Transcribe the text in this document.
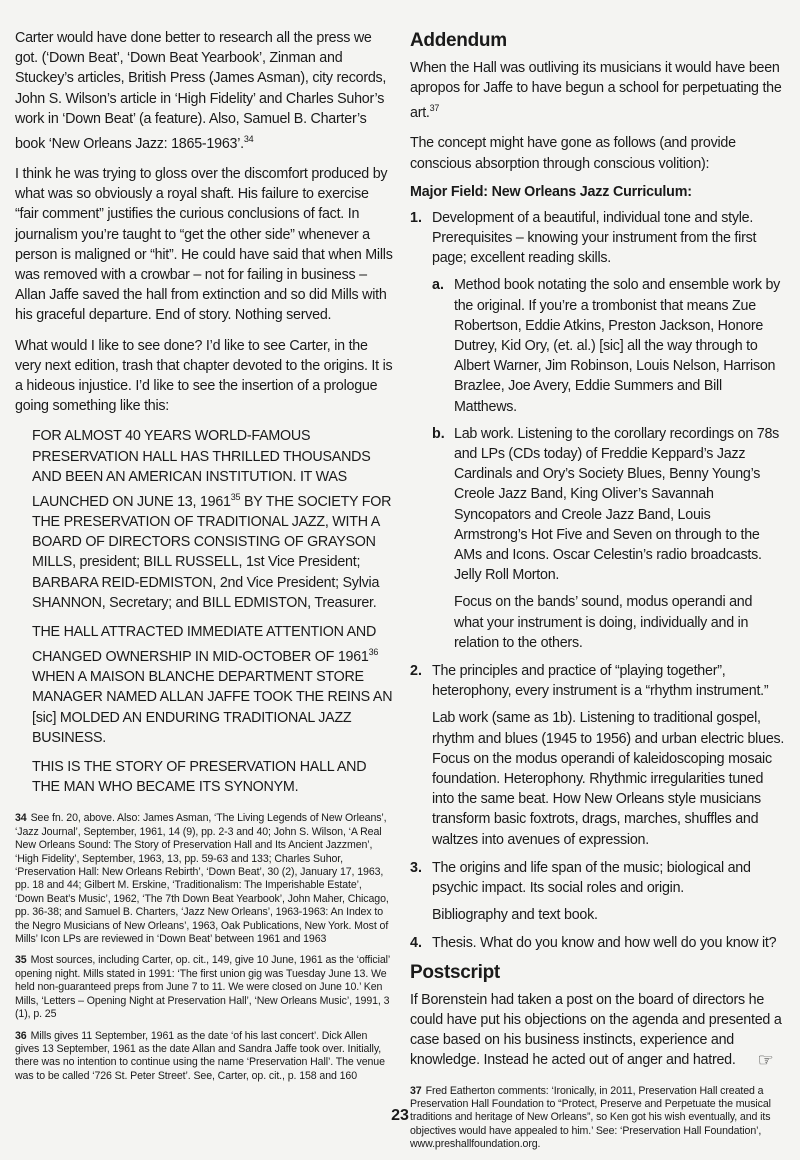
Carter would have done better to research all the press we got. (‘Down Beat’, ‘Down Beat Yearbook’, Zinman and Stuckey’s articles, British Press (James Asman), city records, John S. Wilson’s article in ‘High Fidelity’ and Charles Suhor’s work in ‘Down Beat’ (a feature). Also, Samuel B. Charter’s book ‘New Orleans Jazz: 1865-1963’.$^{34}$

I think he was trying to gloss over the discomfort produced by what was so obviously a royal shaft. His failure to exercise “fair comment” justifies the curious conclusions of fact. In journalism you’re taught to “get the other side” whenever a person is maligned or “hit”. He could have said that when Mills was removed with a crowbar – not for failing in business – Allan Jaffe saved the hall from extinction and so did Mills with his graceful departure. End of story. Nothing served.

What would I like to see done? I’d like to see Carter, in the very next edition, trash that chapter devoted to the origins. It is a hideous injustice. I’d like to see the insertion of a prologue going something like this:

FOR ALMOST 40 YEARS WORLD-FAMOUS PRESERVATION HALL HAS THRILLED THOUSANDS AND BEEN AN AMERICAN INSTITUTION. IT WAS LAUNCHED ON JUNE 13, 1961$^{35}$ BY THE SOCIETY FOR THE PRESERVATION OF TRADITIONAL JAZZ, WITH A BOARD OF DIRECTORS CONSISTING OF GRAYSON MILLS, president; BILL RUSSELL, 1st Vice President; BARBARA REID-EDMISTON, 2nd Vice President; Sylvia SHANNON, Secretary; and BILL EDMISTON, Treasurer.

THE HALL ATTRACTED IMMEDIATE ATTENTION AND CHANGED OWNERSHIP IN MID-OCTOBER OF 1961$^{36}$ WHEN A MAISON BLANCHE DEPARTMENT STORE MANAGER NAMED ALLAN JAFFE TOOK THE REINS AN [sic] MOLDED AN ENDURING TRADITIONAL JAZZ BUSINESS.

THIS IS THE STORY OF PRESERVATION HALL AND THE MAN WHO BECAME ITS SYNONYM.

34 See fn. 20, above. Also: James Asman, ‘The Living Legends of New Orleans’, ‘Jazz Journal’, September, 1961, 14 (9), pp. 2-3 and 40; John S. Wilson, ‘A Real New Orleans Sound: The Story of Preservation Hall and Its Ancient Jazzmen’, ‘High Fidelity’, September, 1963, 13, pp. 59-63 and 133; Charles Suhor, ‘Preservation Hall: New Orleans Rebirth’, ‘Down Beat’, 30 (2), January 17, 1963, pp. 18 and 44; Gilbert M. Erskine, ‘Traditionalism: The Imperishable Estate’, ‘Down Beat’s Music’, 1962, ‘The 7th Down Beat Yearbook’, John Maher, Chicago, pp. 36-38; and Samuel B. Charters, ‘Jazz New Orleans’, 1963-1963: An Index to the Negro Musicians of New Orleans’, 1963, Oak Publications, New York. Most of Mills’ Icon LPs are reviewed in ‘Down Beat’ between 1961 and 1963
35 Most sources, including Carter, op. cit., 149, give 10 June, 1961 as the ‘official’ opening night. Mills stated in 1991: ‘The first union gig was Tuesday June 13. We held non-guaranteed preps from June 7 to 11. We were closed on June 10.’ Ken Mills, ‘Letters – Opening Night at Preservation Hall’, ‘New Orleans Music’, 1991, 3 (1), p. 25
36 Mills gives 11 September, 1961 as the date ‘of his last concert’. Dick Allen gives 13 September, 1961 as the date Allan and Sandra Jaffe took over. Initially, there was no intention to continue using the name ‘Preservation Hall’. The venue was to be called ‘726 St. Peter Street’. See, Carter, op. cit., p. 158 and 160
Addendum

When the Hall was outliving its musicians it would have been apropos for Jaffe to have begun a school for perpetuating the art.$^{37}$

The concept might have gone as follows (and provide conscious absorption through conscious volition):

Major Field: New Orleans Jazz Curriculum:
1. Development of a beautiful, individual tone and style. Prerequisites – knowing your instrument from the first page; excellent reading skills.

a. Method book notating the solo and ensemble work by the original. If you’re a trombonist that means Zue Robertson, Eddie Atkins, Preston Jackson, Honore Dutrey, Kid Ory, (et. al.) [sic] all the way through to Albert Warner, Jim Robinson, Louis Nelson, Harrison Brazlee, Joe Avery, Eddie Summers and Bill Matthews.

b. Lab work. Listening to the corollary recordings on 78s and LPs (CDs today) of Freddie Keppard’s Jazz Cardinals and Ory’s Society Blues, Benny Young’s Creole Jazz Band, King Oliver’s Savannah Syncopators and Creole Jazz Band, Louis Armstrong’s Hot Five and Seven on through to the AMs and Icons. Oscar Celestin’s radio broadcasts. Jelly Roll Morton.

Focus on the bands’ sound, modus operandi and what your instrument is doing, individually and in relation to the others.

2. The principles and practice of “playing together”, heterophony, every instrument is a “rhythm instrument.”

Lab work (same as 1b). Listening to traditional gospel, rhythm and blues (1945 to 1956) and urban electric blues. Focus on the modus operandi of kaleidoscoping mosaic foundation. Heterophony. Rhythmic irregularities tuned into the same beat. How New Orleans style musicians transform basic foxtrots, drags, marches, shuffles and waltzes into avenues of expression.

3. The origins and life span of the music; biological and psychic impact. Its social roles and origin.

Bibliography and text book.

4. Thesis. What do you know and how well do you know it?

Postscript

If Borenstein had taken a post on the board of directors he could have put his objections on the agenda and presented a case based on his business instincts, experience and knowledge. Instead he acted out of anger and hatred. ☞

37 Fred Eatherton comments: ‘Ironically, in 2011, Preservation Hall created a Preservation Hall Foundation to “Protect, Preserve and Perpetuate the musical traditions and heritage of New Orleans”, so Ken got his wish eventually, and its objectives would have appealed to him.’ See: ‘Preservation Hall Foundation’, www.preshallfoundation.org.
23
